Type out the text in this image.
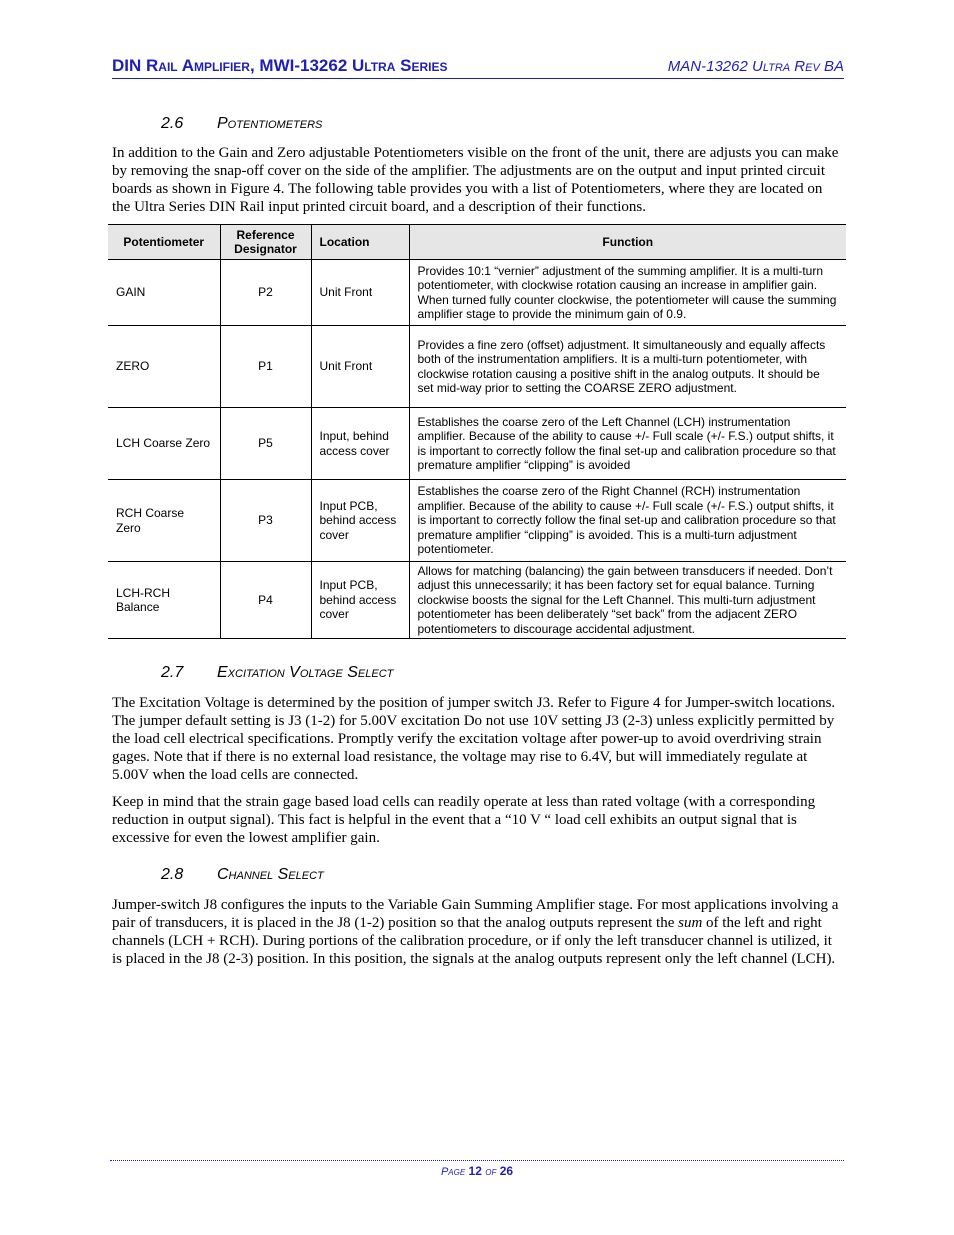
DIN Rail Amplifier, MWI-13262 Ultra Series	MAN-13262 Ultra Rev BA
2.6 Potentiometers

In addition to the Gain and Zero adjustable Potentiometers visible on the front of the unit, there are adjusts you can make by removing the snap-off cover on the side of the amplifier. The adjustments are on the output and input printed circuit boards as shown in Figure 4. The following table provides you with a list of Potentiometers, where they are located on the Ultra Series DIN Rail input printed circuit board, and a description of their functions.

Potentiometer	Reference Designator	Location	Function
GAIN	P2	Unit Front	Provides 10:1 “vernier” adjustment of the summing amplifier. It is a multi-turn potentiometer, with clockwise rotation causing an increase in amplifier gain. When turned fully counter clockwise, the potentiometer will cause the summing amplifier stage to provide the minimum gain of 0.9.
ZERO	P1	Unit Front	Provides a fine zero (offset) adjustment. It simultaneously and equally affects both of the instrumentation amplifiers. It is a multi-turn potentiometer, with clockwise rotation causing a positive shift in the analog outputs. It should be set mid-way prior to setting the COARSE ZERO adjustment.
LCH Coarse Zero	P5	Input, behind access cover	Establishes the coarse zero of the Left Channel (LCH) instrumentation amplifier. Because of the ability to cause +/- Full scale (+/- F.S.) output shifts, it is important to correctly follow the final set-up and calibration procedure so that premature amplifier “clipping” is avoided
RCH Coarse Zero	P3	Input PCB, behind access cover	Establishes the coarse zero of the Right Channel (RCH) instrumentation amplifier. Because of the ability to cause +/- Full scale (+/- F.S.) output shifts, it is important to correctly follow the final set-up and calibration procedure so that premature amplifier “clipping” is avoided. This is a multi-turn adjustment potentiometer.
LCH-RCH Balance	P4	Input PCB, behind access cover	Allows for matching (balancing) the gain between transducers if needed. Don’t adjust this unnecessarily; it has been factory set for equal balance. Turning clockwise boosts the signal for the Left Channel. This multi-turn adjustment potentiometer has been deliberately “set back” from the adjacent ZERO potentiometers to discourage accidental adjustment.
2.7 Excitation Voltage Select

The Excitation Voltage is determined by the position of jumper switch J3. Refer to Figure 4 for Jumper-switch locations. The jumper default setting is J3 (1-2) for 5.00V excitation Do not use 10V setting J3 (2-3) unless explicitly permitted by the load cell electrical specifications. Promptly verify the excitation voltage after power-up to avoid overdriving strain gages. Note that if there is no external load resistance, the voltage may rise to 6.4V, but will immediately regulate at 5.00V when the load cells are connected.

Keep in mind that the strain gage based load cells can readily operate at less than rated voltage (with a corresponding reduction in output signal). This fact is helpful in the event that a “10 V “ load cell exhibits an output signal that is excessive for even the lowest amplifier gain.

2.8 Channel Select

Jumper-switch J8 configures the inputs to the Variable Gain Summing Amplifier stage. For most applications involving a pair of transducers, it is placed in the J8 (1-2) position so that the analog outputs represent the sum of the left and right channels (LCH + RCH). During portions of the calibration procedure, or if only the left transducer channel is utilized, it is placed in the J8 (2-3) position. In this position, the signals at the analog outputs represent only the left channel (LCH).

Page 12 of 26
